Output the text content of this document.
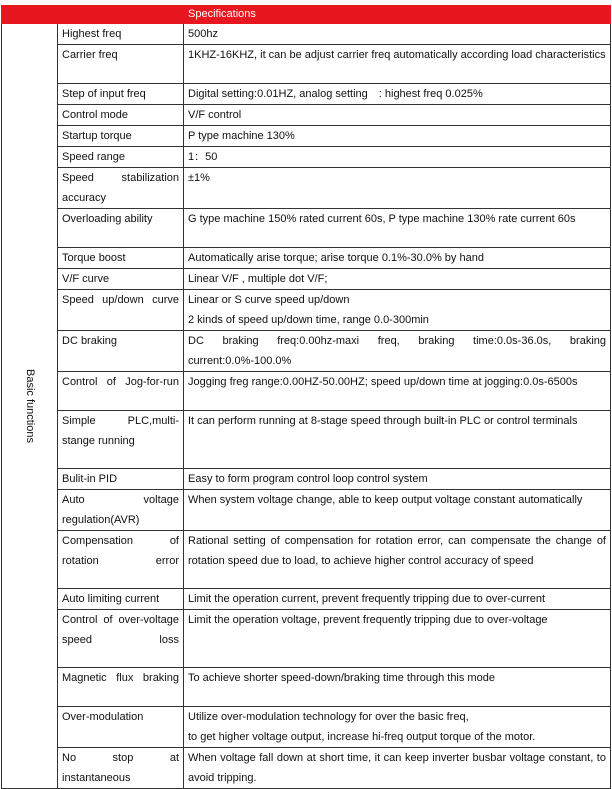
		Specifications

Basic functions	Highest freq	500hz
	Carrier freq	1KHZ-16KHZ, it can be adjust carrier freq automatically according load characteristics
	Step of input freq	Digital setting:0.01HZ, analog setting　: highest freq 0.025%
	Control mode	V/F control
	Startup torque	P type machine 130%
	Speed range	1：50
	Speed stabilization accuracy	±1%
	Overloading ability	G type machine 150% rated current 60s, P type machine 130% rate current 60s
	Torque boost	Automatically arise torque; arise torque 0.1%-30.0% by hand
	V/F curve	Linear V/F , multiple dot V/F;
	Speed up/down curve	Linear or S curve speed up/down
2 kinds of speed up/down time, range 0.0-300min
	DC braking	DC braking freq:0.00hz-maxi freq, braking time:0.0s-36.0s, braking current:0.0%-100.0%
	Control of Jog-for-run	Jogging freg range:0.00HZ-50.00HZ; speed up/down time at jogging:0.0s-6500s
	Simple PLC,multi-stange running	It can perform running at 8-stage speed through built-in PLC or control terminals
	Bulit-in PID	Easy to form program control loop control system
	Auto voltage regulation(AVR)	When system voltage change, able to keep output voltage constant automatically
	Compensation of rotation error	Rational setting of compensation for rotation error, can compensate the change of rotation speed due to load, to achieve higher control accuracy of speed
	Auto limiting current	Limit the operation current, prevent frequently tripping due to over-current
	Control of over-voltage speed loss	Limit the operation voltage, prevent frequently tripping due to over-voltage
	Magnetic flux braking	To achieve shorter speed-down/braking time through this mode
	Over-modulation	Utilize over-modulation technology for over the basic freq,
to get higher voltage output, increase hi-freq output torque of the motor.
	No stop at instantaneous	When voltage fall down at short time, it can keep inverter busbar voltage constant, to avoid tripping.
